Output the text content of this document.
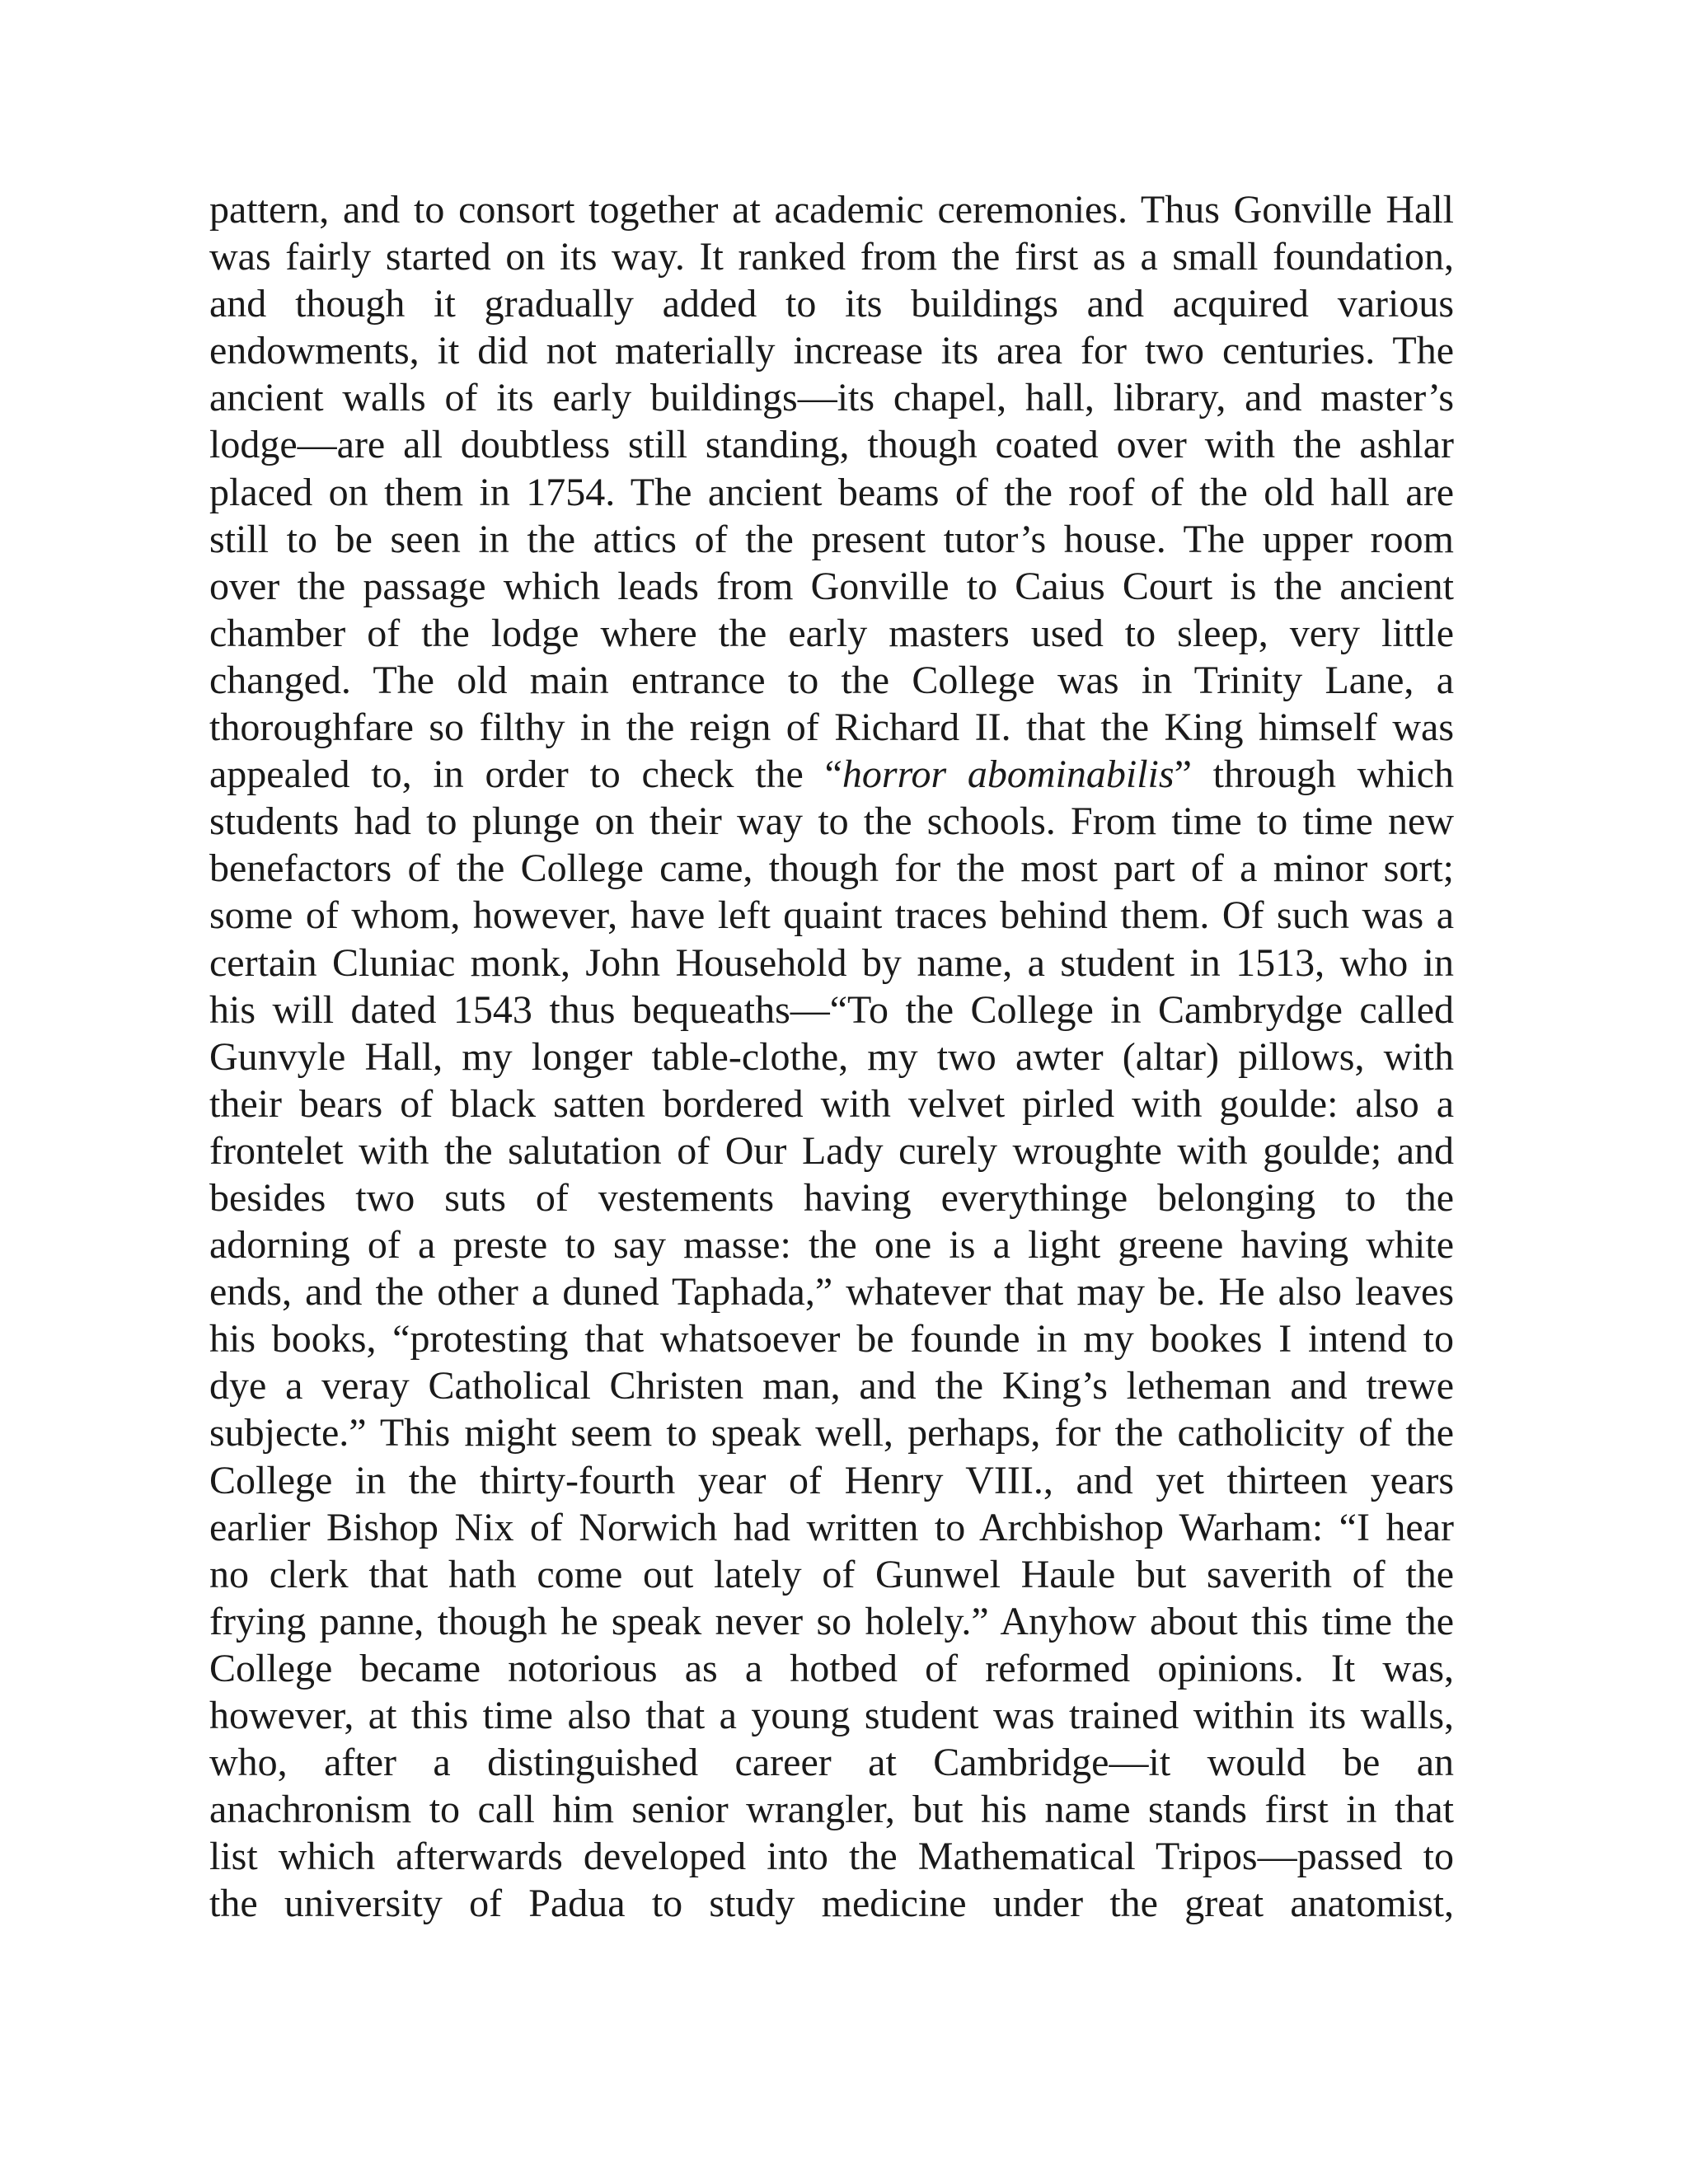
pattern, and to consort together at academic ceremonies. Thus Gonville Hall
was fairly started on its way. It ranked from the first as a small foundation,
and though it gradually added to its buildings and acquired various
endowments, it did not materially increase its area for two centuries. The
ancient walls of its early buildings—its chapel, hall, library, and master’s
lodge—are all doubtless still standing, though coated over with the ashlar
placed on them in 1754. The ancient beams of the roof of the old hall are
still to be seen in the attics of the present tutor’s house. The upper room
over the passage which leads from Gonville to Caius Court is the ancient
chamber of the lodge where the early masters used to sleep, very little
changed. The old main entrance to the College was in Trinity Lane, a
thoroughfare so filthy in the reign of Richard II. that the King himself was
appealed to, in order to check the “horror abominabilis” through which
students had to plunge on their way to the schools. From time to time new
benefactors of the College came, though for the most part of a minor sort;
some of whom, however, have left quaint traces behind them. Of such was a
certain Cluniac monk, John Household by name, a student in 1513, who in
his will dated 1543 thus bequeaths—“To the College in Cambrydge called
Gunvyle Hall, my longer table-clothe, my two awter (altar) pillows, with
their bears of black satten bordered with velvet pirled with goulde: also a
frontelet with the salutation of Our Lady curely wroughte with goulde; and
besides two suts of vestements having everythinge belonging to the
adorning of a preste to say masse: the one is a light greene having white
ends, and the other a duned Taphada,” whatever that may be. He also leaves
his books, “protesting that whatsoever be founde in my bookes I intend to
dye a veray Catholical Christen man, and the King’s letheman and trewe
subjecte.” This might seem to speak well, perhaps, for the catholicity of the
College in the thirty-fourth year of Henry VIII., and yet thirteen years
earlier Bishop Nix of Norwich had written to Archbishop Warham: “I hear
no clerk that hath come out lately of Gunwel Haule but saverith of the
frying panne, though he speak never so holely.” Anyhow about this time the
College became notorious as a hotbed of reformed opinions. It was,
however, at this time also that a young student was trained within its walls,
who, after a distinguished career at Cambridge—it would be an
anachronism to call him senior wrangler, but his name stands first in that
list which afterwards developed into the Mathematical Tripos—passed to
the university of Padua to study medicine under the great anatomist,
